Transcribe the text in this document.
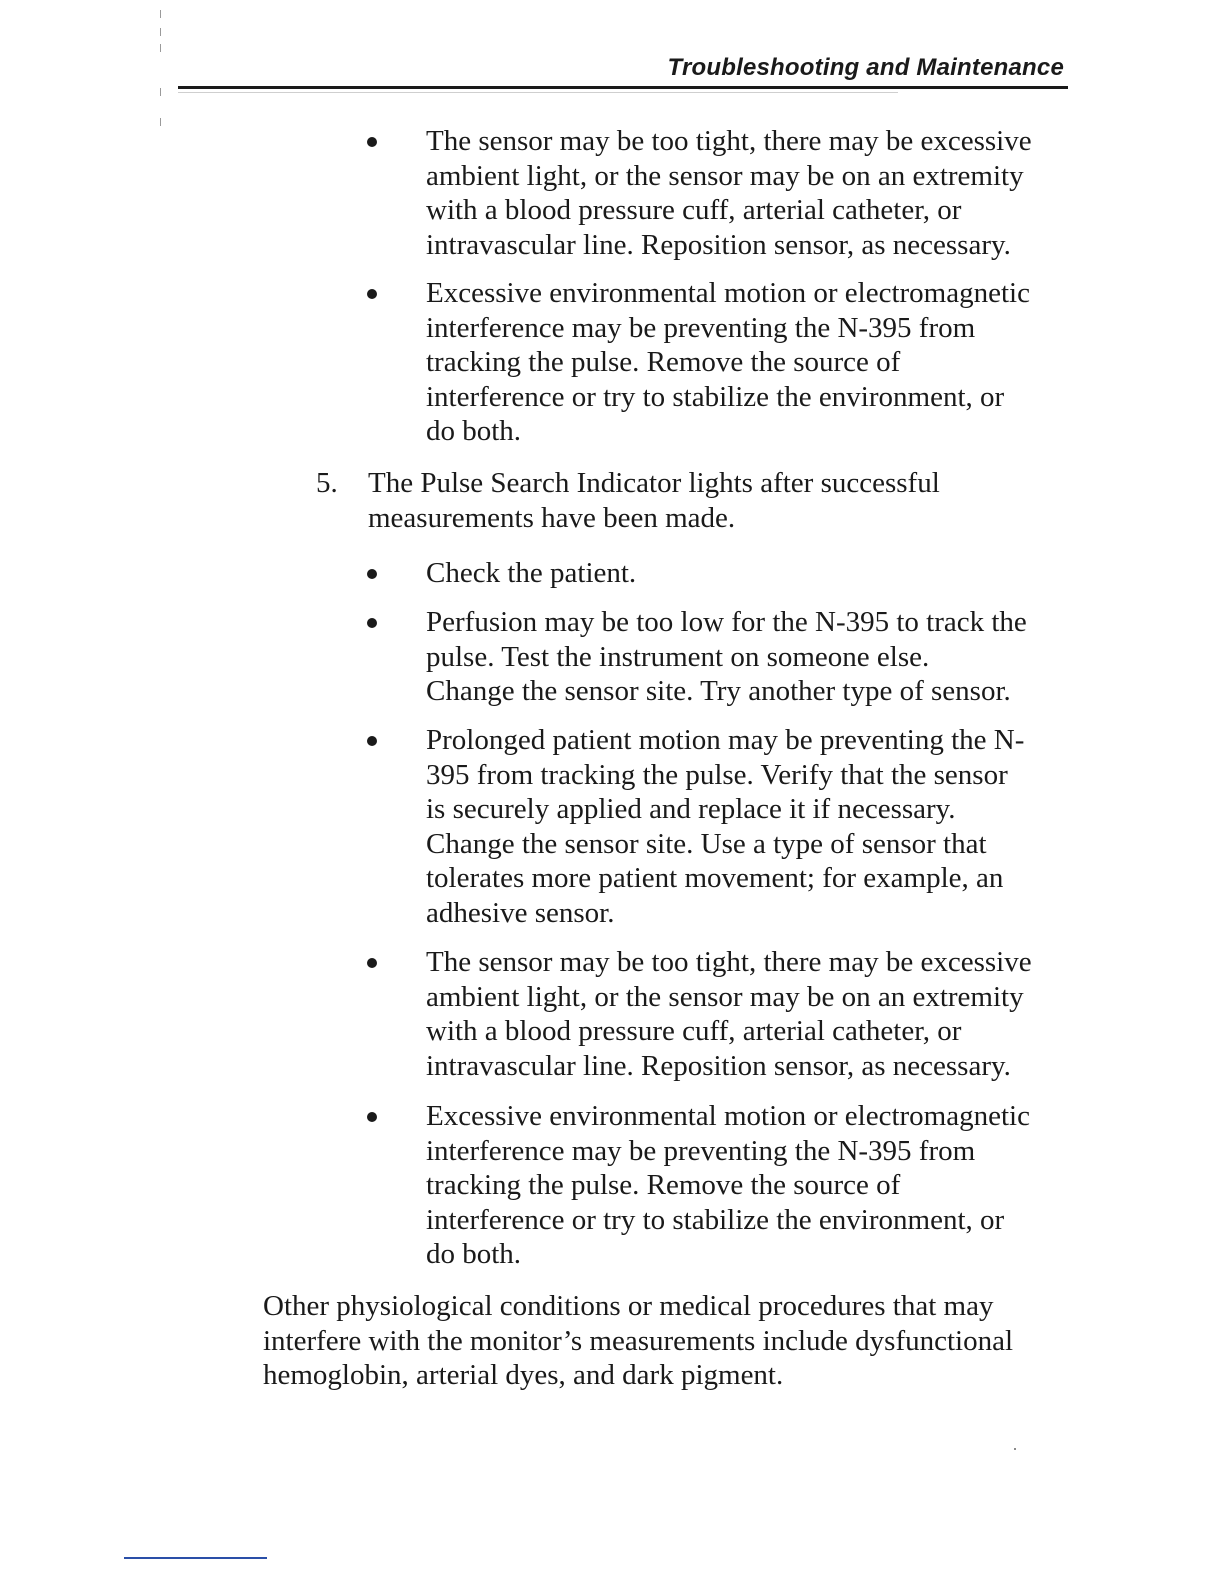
Troubleshooting and Maintenance
The sensor may be too tight, there may be excessive
ambient light, or the sensor may be on an extremity
with a blood pressure cuff, arterial catheter, or
intravascular line. Reposition sensor, as necessary.
Excessive environmental motion or electromagnetic
interference may be preventing the N-395 from
tracking the pulse. Remove the source of
interference or try to stabilize the environment, or
do both.
5. The Pulse Search Indicator lights after successful
measurements have been made.
Check the patient.
Perfusion may be too low for the N-395 to track the
pulse. Test the instrument on someone else.
Change the sensor site. Try another type of sensor.
Prolonged patient motion may be preventing the N-
395 from tracking the pulse. Verify that the sensor
is securely applied and replace it if necessary.
Change the sensor site. Use a type of sensor that
tolerates more patient movement; for example, an
adhesive sensor.
The sensor may be too tight, there may be excessive
ambient light, or the sensor may be on an extremity
with a blood pressure cuff, arterial catheter, or
intravascular line. Reposition sensor, as necessary.
Excessive environmental motion or electromagnetic
interference may be preventing the N-395 from
tracking the pulse. Remove the source of
interference or try to stabilize the environment, or
do both.
Other physiological conditions or medical procedures that may
interfere with the monitor’s measurements include dysfunctional
hemoglobin, arterial dyes, and dark pigment.
